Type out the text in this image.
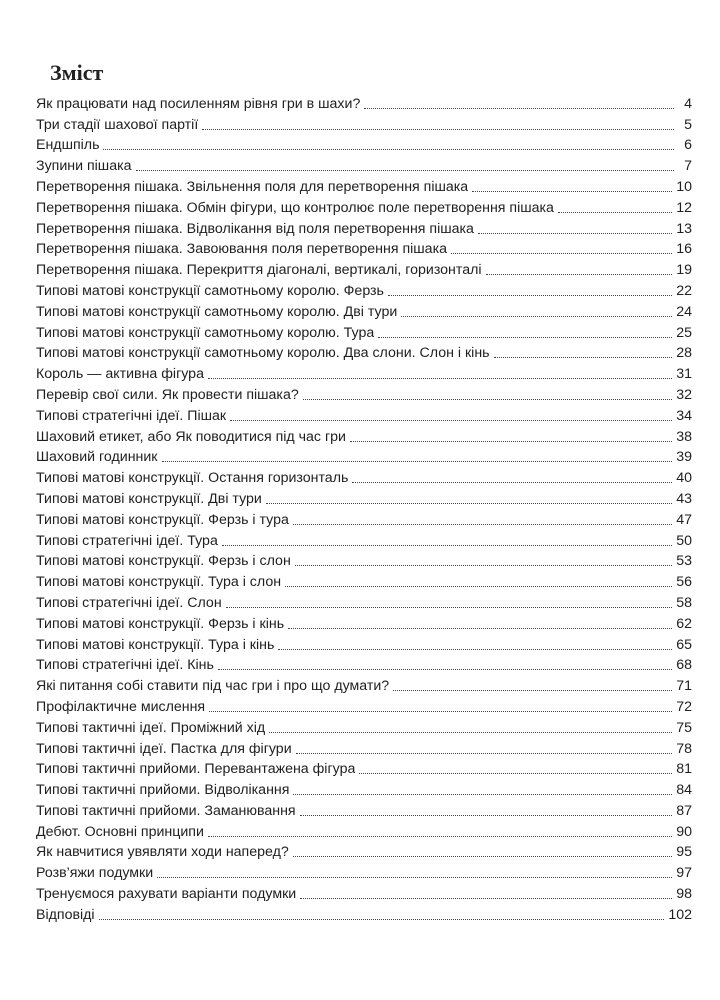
Зміст
Як працювати над посиленням рівня гри в шахи?	4
Три стадії шахової партії	5
Ендшпіль	6
Зупини пішака	7
Перетворення пішака. Звільнення поля для перетворення пішака	10
Перетворення пішака. Обмін фігури, що контролює поле перетворення пішака	12
Перетворення пішака. Відволікання від поля перетворення пішака	13
Перетворення пішака. Завоювання поля перетворення пішака	16
Перетворення пішака. Перекриття діагоналі, вертикалі, горизонталі	19
Типові матові конструкції самотньому королю. Ферзь	22
Типові матові конструкції самотньому королю. Дві тури	24
Типові матові конструкції самотньому королю. Тура	25
Типові матові конструкції самотньому королю. Два слони. Слон і кінь	28
Король — активна фігура	31
Перевір свої сили. Як провести пішака?	32
Типові стратегічні ідеї. Пішак	34
Шаховий етикет, або Як поводитися під час гри	38
Шаховий годинник	39
Типові матові конструкції. Остання горизонталь	40
Типові матові конструкції. Дві тури	43
Типові матові конструкції. Ферзь і тура	47
Типові стратегічні ідеї. Тура	50
Типові матові конструкції. Ферзь і слон	53
Типові матові конструкції. Тура і слон	56
Типові стратегічні ідеї. Слон	58
Типові матові конструкції. Ферзь і кінь	62
Типові матові конструкції. Тура і кінь	65
Типові стратегічні ідеї. Кінь	68
Які питання собі ставити під час гри і про що думати?	71
Профілактичне мислення	72
Типові тактичні ідеї. Проміжний хід	75
Типові тактичні ідеї. Пастка для фігури	78
Типові тактичні прийоми. Перевантажена фігура	81
Типові тактичні прийоми. Відволікання	84
Типові тактичні прийоми. Заманювання	87
Дебют. Основні принципи	90
Як навчитися увявляти ходи наперед?	95
Розв’яжи подумки	97
Тренуємося рахувати варіанти подумки	98
Відповіді	102
